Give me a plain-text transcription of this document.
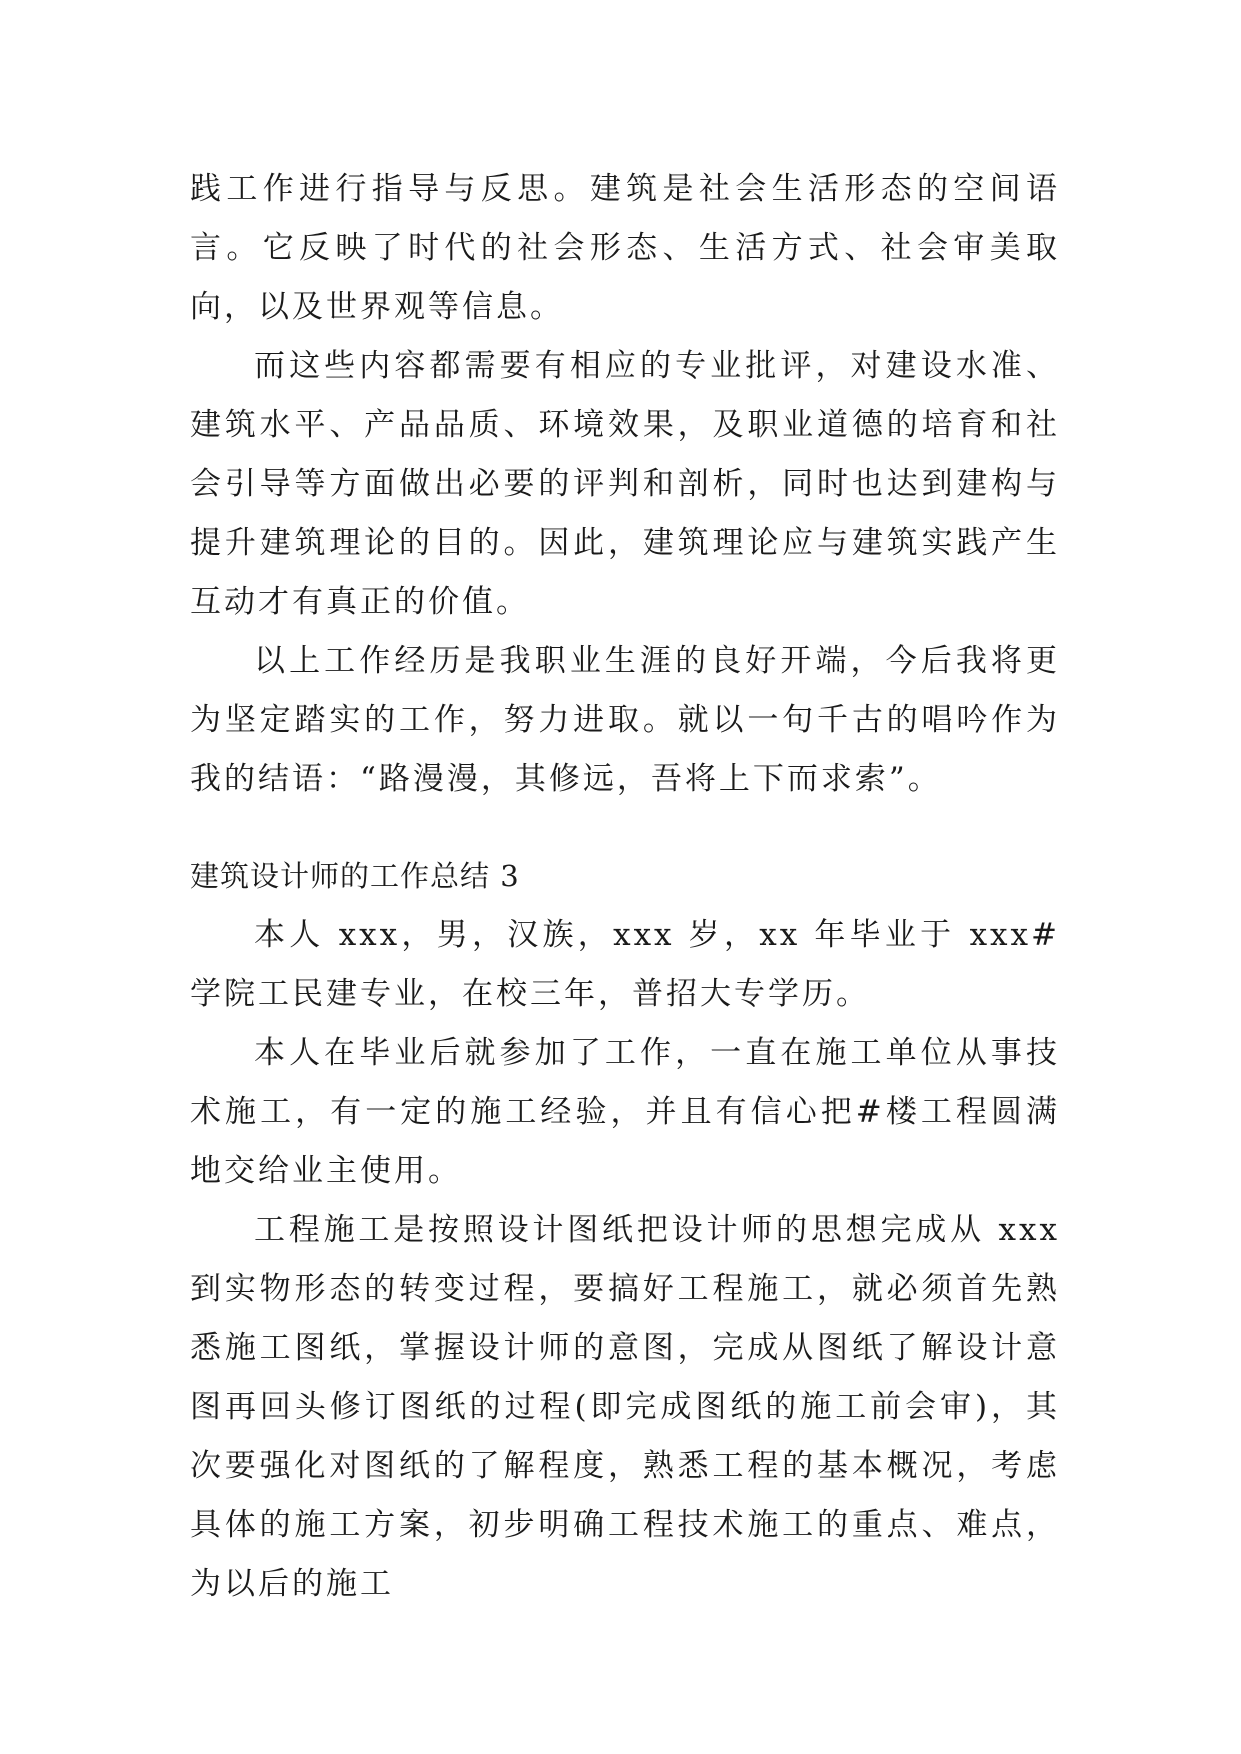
践工作进行指导与反思。建筑是社会生活形态的空间语言。它反映了时代的社会形态、生活方式、社会审美取向，以及世界观等信息。

而这些内容都需要有相应的专业批评，对建设水准、建筑水平、产品品质、环境效果，及职业道德的培育和社会引导等方面做出必要的评判和剖析，同时也达到建构与提升建筑理论的目的。因此，建筑理论应与建筑实践产生互动才有真正的价值。

以上工作经历是我职业生涯的良好开端，今后我将更为坚定踏实的工作，努力进取。就以一句千古的唱吟作为我的结语：“路漫漫，其修远，吾将上下而求索”。

建筑设计师的工作总结 3

本人 xxx，男，汉族，xxx 岁，xx 年毕业于 xxx#学院工民建专业，在校三年，普招大专学历。

本人在毕业后就参加了工作，一直在施工单位从事技术施工，有一定的施工经验，并且有信心把#楼工程圆满地交给业主使用。

工程施工是按照设计图纸把设计师的思想完成从 xxx 到实物形态的转变过程，要搞好工程施工，就必须首先熟悉施工图纸，掌握设计师的意图，完成从图纸了解设计意图再回头修订图纸的过程(即完成图纸的施工前会审)，其次要强化对图纸的了解程度，熟悉工程的基本概况，考虑具体的施工方案，初步明确工程技术施工的重点、难点，为以后的施工
